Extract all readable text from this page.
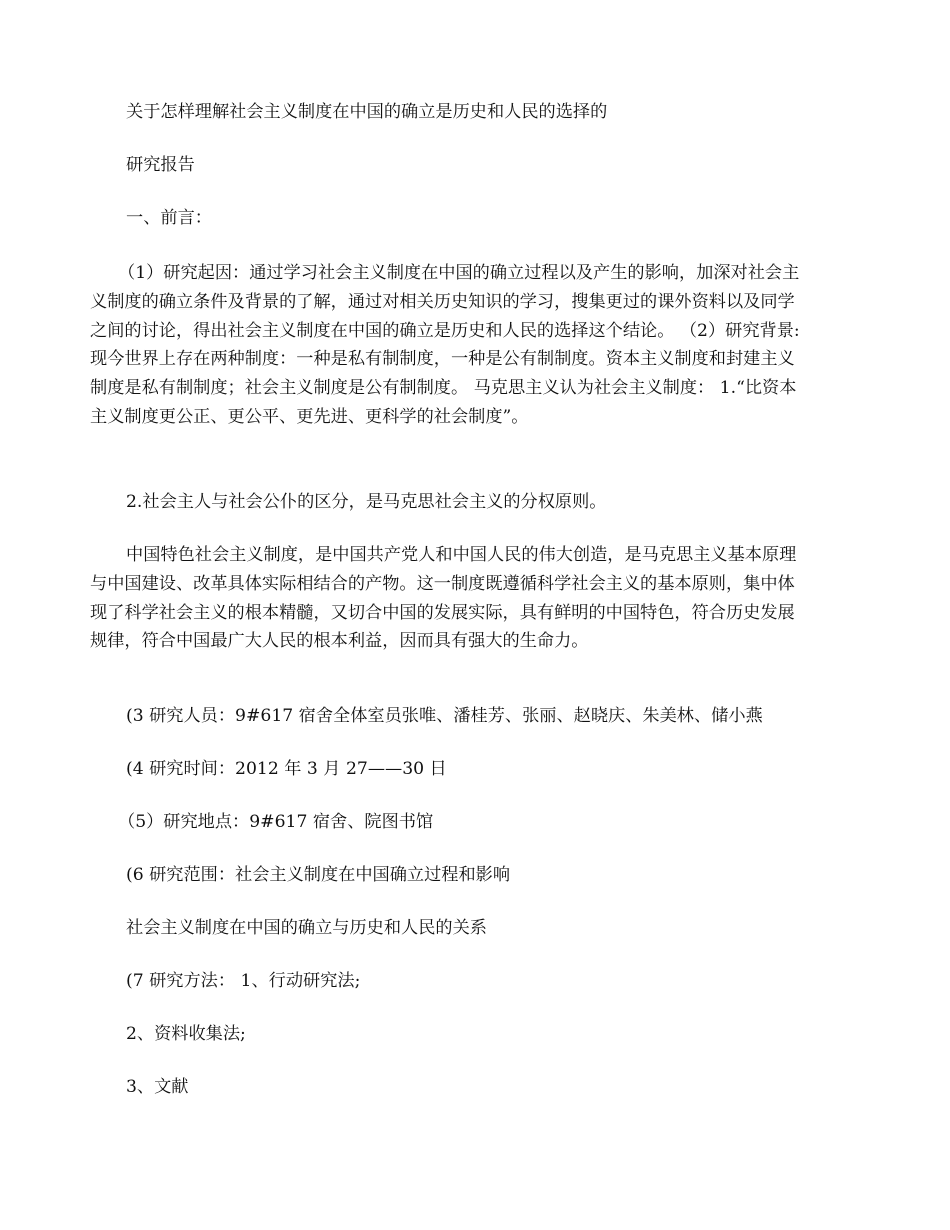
关于怎样理解社会主义制度在中国的确立是历史和人民的选择的

研究报告

一、前言：

（1）研究起因：通过学习社会主义制度在中国的确立过程以及产生的影响，加深对社会主
义制度的确立条件及背景的了解，通过对相关历史知识的学习，搜集更过的课外资料以及同学
之间的讨论，得出社会主义制度在中国的确立是历史和人民的选择这个结论。 （2）研究背景:
现今世界上存在两种制度：一种是私有制制度，一种是公有制制度。资本主义制度和封建主义
制度是私有制制度；社会主义制度是公有制制度。 马克思主义认为社会主义制度： 1.“比资本
主义制度更公正、更公平、更先进、更科学的社会制度”。

2.社会主人与社会公仆的区分，是马克思社会主义的分权原则。

中国特色社会主义制度，是中国共产党人和中国人民的伟大创造，是马克思主义基本原理
与中国建设、改革具体实际相结合的产物。这一制度既遵循科学社会主义的基本原则，集中体
现了科学社会主义的根本精髓，又切合中国的发展实际，具有鲜明的中国特色，符合历史发展
规律，符合中国最广大人民的根本利益，因而具有强大的生命力。

(3 研究人员：9#617 宿舍全体室员张唯、潘桂芳、张丽、赵晓庆、朱美林、储小燕

(4 研究时间：2012 年 3 月 27——30 日

（5）研究地点：9#617 宿舍、院图书馆

(6 研究范围：社会主义制度在中国确立过程和影响

社会主义制度在中国的确立与历史和人民的关系

(7 研究方法： 1、行动研究法;

2、资料收集法;

3、文献
